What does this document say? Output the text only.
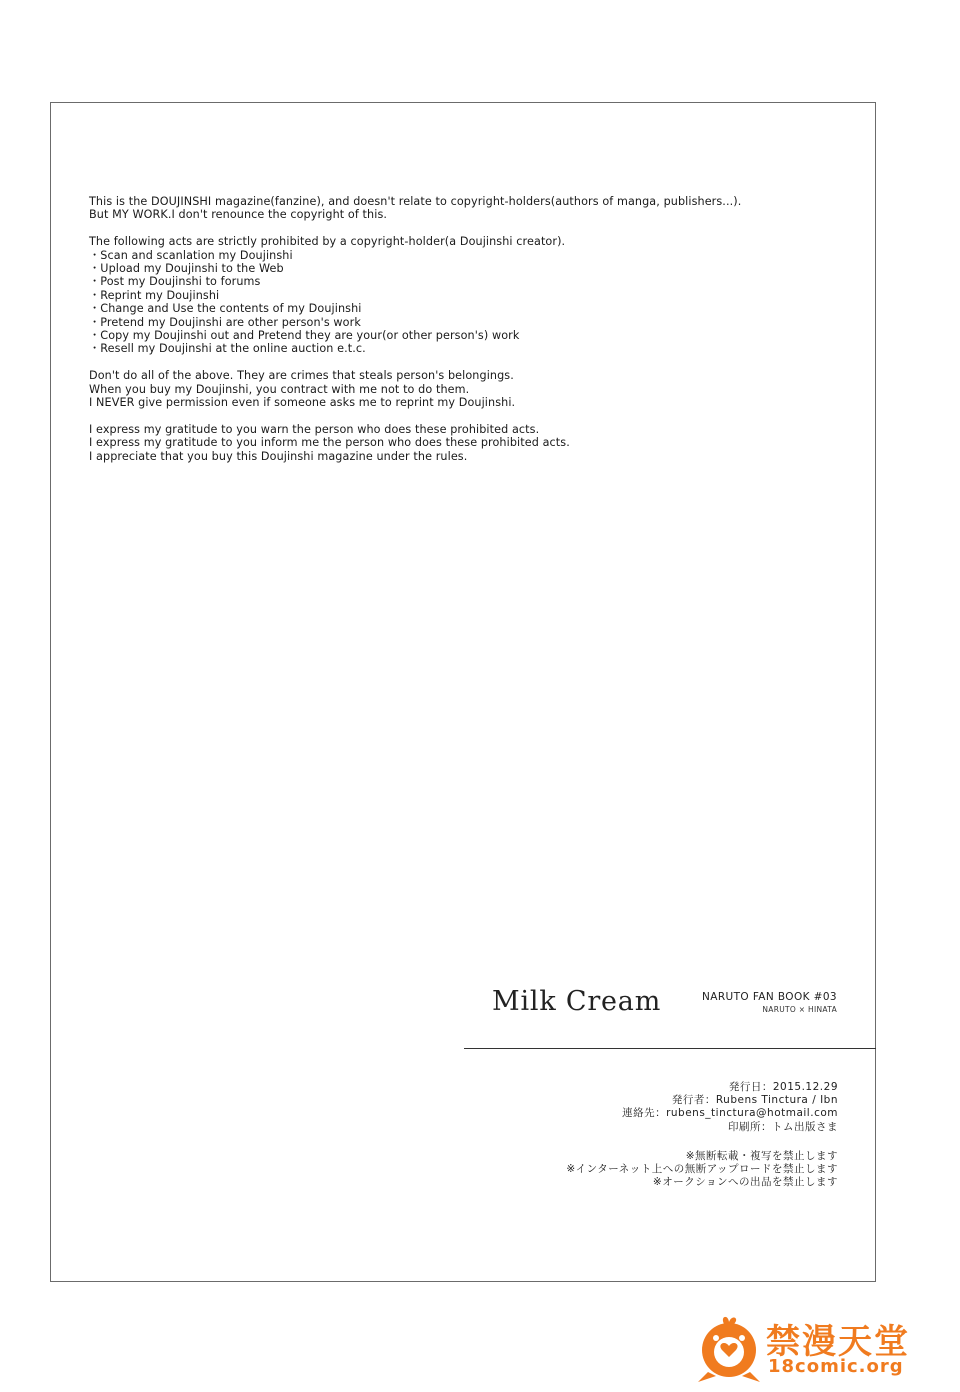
This is the DOUJINSHI magazine(fanzine), and doesn't relate to copyright-holders(authors of manga, publishers...).

But MY WORK.I don't renounce the copyright of this.

The following acts are strictly prohibited by a copyright-holder(a Doujinshi creator).

・Scan and scanlation my Doujinshi

・Upload my Doujinshi to the Web

・Post my Doujinshi to forums

・Reprint my Doujinshi

・Change and Use the contents of my Doujinshi

・Pretend my Doujinshi are other person's work

・Copy my Doujinshi out and Pretend they are your(or other person's) work

・Resell my Doujinshi at the online auction e.t.c.

Don't do all of the above. They are crimes that steals person's belongings.

When you buy my Doujinshi, you contract with me not to do them.

I NEVER give permission even if someone asks me to reprint my Doujinshi.

I express my gratitude to you warn the person who does these prohibited acts.

I express my gratitude to you inform me the person who does these prohibited acts.

I appreciate that you buy this Doujinshi magazine under the rules.

Milk Cream	NARUTO FAN BOOK #03
NARUTO × HINATA

発行日：2015.12.29

発行者：Rubens Tinctura / Ibn

連絡先：rubens_tinctura@hotmail.com

印刷所：トム出版さま

※無断転載・複写を禁止します

※インターネット上への無断アップロードを禁止します

※オークションへの出品を禁止します

禁漫天堂
18comic.org
